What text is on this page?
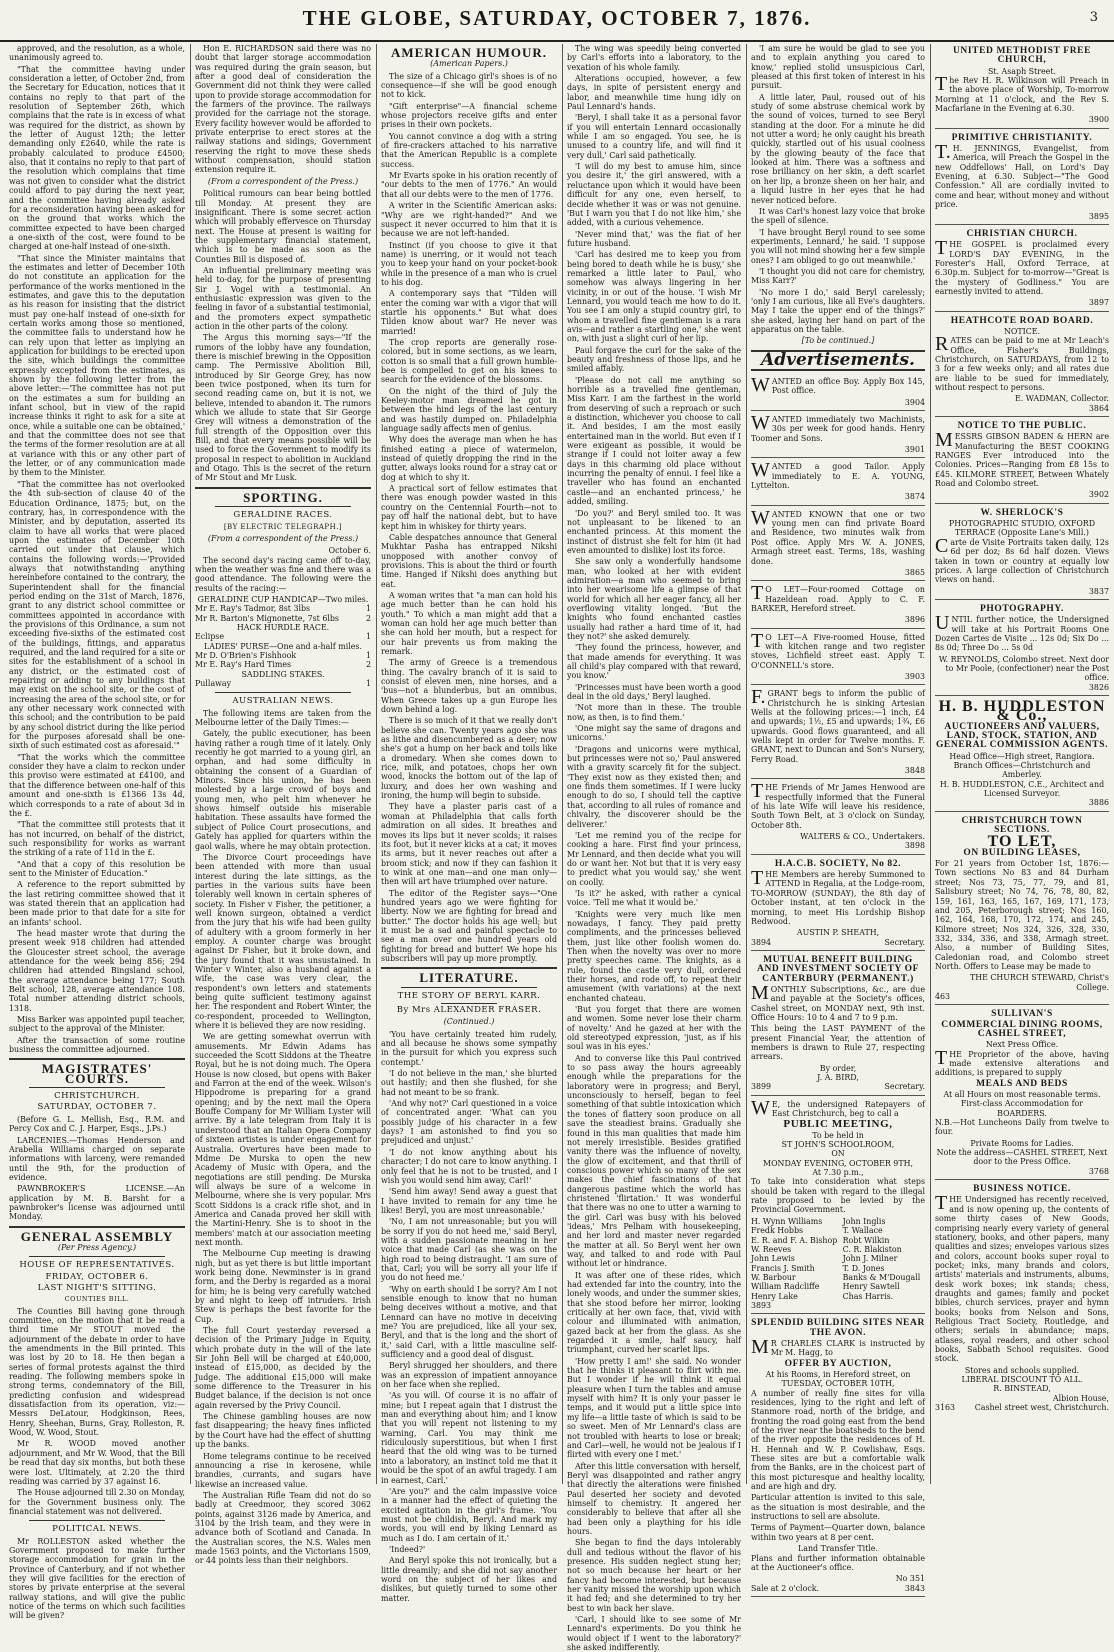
THE GLOBE, SATURDAY, OCTOBER 7, 1876.	3

approved, and the resolution, as a whole, unanimously agreed to.

"That the committee having under consideration a letter, of October 2nd, from the Secretary for Education, notices that it contains no reply to that part of the resolution of September 26th, which complains that the rate is in excess of what was required for the district, as shown by the letter of August 12th; the letter demanding only £2640, while the rate is probably calculated to produce £4500; also, that it contains no reply to that part of the resolution which complains that time was not given to consider what the district could afford to pay during the next year, and the committee having already asked for a reconsideration having been asked for on the ground that works which the committee expected to have been charged a one-sixth of the cost, were found to be charged at one-half instead of one-sixth.

"That since the Minister maintains that the estimates and letter of December 10th do not constitute an application for the performance of the works mentioned in the estimates, and gave this to the deputation as his reason for insisting that the district must pay one-half instead of one-sixth for certain works among those so mentioned, the committee fails to understand how he can rely upon that letter as implying an application for buildings to be erected upon the site, which buildings the committee expressly excepted from the estimates, as shown by the following letter from the above letter:—'The committee has not put on the estimates a sum for building an infant school, but in view of the rapid increase thinks it right to ask for a site at once, while a suitable one can be obtained,' and that the committee does not see that the terms of the former resolution are at all at variance with this or any other part of the letter, or of any communication made by them to the Minister.

"That the committee has not overlooked the 4th sub-section of clause 40 of the Education Ordinance, 1875; but, on the contrary, has, in correspondence with the Minister, and by deputation, asserted its claim to have all works that were placed upon the estimates of December 10th carried out under that clause, which contains the following words:—'Provided always that notwithstanding anything hereinbefore contained to the contrary, the Superintendent shall for the financial period ending on the 31st of March, 1876, grant to any district school committee or committees appointed in accordance with the provisions of this Ordinance, a sum not exceeding five-sixths of the estimated cost of the buildings, fittings, and apparatus required, and the land required for a site or sites for the establishment of a school in any district, or the estimated cost of repairing or adding to any buildings that may exist on the school site, or the cost of increasing the area of the school site, or for any other necessary work connected with this school; and the contribution to be paid by any school district during the like period for the purposes aforesaid shall be one-sixth of such estimated cost as aforesaid.'"

"That the works which the committee consider they have a claim to reckon under this proviso were estimated at £4100, and that the difference between one-half of this amount and one-sixth is £1366 13s 4d, which corresponds to a rate of about 3d in the £.

"That the committee still protests that it has not incurred, on behalf of the district, such responsibility for works as warrant the striking of a rate of 11d in the £.

"And that a copy of this resolution be sent to the Minister of Education."

A reference to the report submitted by the last retiring committee showed that it was stated therein that an application had been made prior to that date for a site for an infants' school.

The head master wrote that during the present week 918 children had attended the Gloucester street school, the average attendance for the week being 856; 294 children had attended Bingsland school, the average attendance being 177; South Belt school, 128, average attendance 108. Total number attending district schools, 1318.

Miss Barker was appointed pupil teacher, subject to the approval of the Minister.

After the transaction of some routine business the committee adjourned.

MAGISTRATES' COURTS.
CHRISTCHURCH.
SATURDAY, OCTOBER 7.

(Before G. L. Mellish, Esq., R.M. and Percy Cox and C. J. Harper, Esqs., J.Ps.)

LARCENIES.—Thomas Henderson and Arabella Williams charged on separate informations with larceny, were remanded until the 9th, for the production of evidence.

PAWNBROKER'S LICENSE.—An application by M. B. Barsht for a pawnbroker's license was adjourned until Monday.

GENERAL ASSEMBLY
(Per Press Agency.)
HOUSE OF REPRESENTATIVES.
FRIDAY, OCTOBER 6.
LAST NIGHT'S SITTING.
COUNTIES BILL.

The Counties Bill having gone through committee, on the motion that it be read a third time Mr STOUT moved the adjournment of the debate in order to have the amendments in the Bill printed. This was lost by 20 to 18. He then began a series of formal protests against the third reading. The following members spoke in strong terms, condemnatory of the Bill, predicting confusion and widespread dissatisfaction from its operation, viz:—Messrs DeLatour, Hodgkinson, Rees, Henry, Sheehan, Burns, Gray, Rolleston, R. Wood, W. Wood, Stout.

Mr R. WOOD moved another adjournment, and Mr W. Wood, that the Bill be read that day six months, but both these were lost. Ultimately, at 2.20 the third reading was carried by 37 against 16.

The House adjourned till 2.30 on Monday, for the Government business only. The financial statement was not delivered.

POLITICAL NEWS.

Mr ROLLESTON asked whether the Government proposed to make further storage accommodation for grain in the Province of Canterbury, and if not whether they will give facilities for the erection of stores by private enterprise at the several railway stations, and will give the public notice of the terms on which such facilities will be given?

Hon E. RICHARDSON said there was no doubt that larger storage accommodation was required during the grain season, but after a good deal of consideration the Government did not think they were called upon to provide storage accommodation for the farmers of the province. The railways provided for the carriage not the storage. Every facility however would be afforded to private enterprise to erect stores at the railway stations and sidings, Government reserving the right to move these sheds without compensation, should station extension require it.

(From a correspondent of the Press.)

Political rumours can bear being bottled till Monday. At present they are insignificant. There is some secret action which will probably effervesce on Thursday next. The House at present is waiting for the supplementary financial statement, which is to be made as soon as the Counties Bill is disposed of.

An influential preliminary meeting was held to-day, for the purpose of presenting Sir J. Vogel with a testimonial. An enthusiastic expression was given to the feeling in favor of a substantial testimonial, and the promoters expect sympathetic action in the other parts of the colony.

The Argus this morning says—"If the rumors of the lobby have any foundation, there is mischief brewing in the Opposition camp. The Permissive Abolition Bill, introduced by Sir George Grey, has now been twice postponed, when its turn for second reading came on, but it is not, we believe, intended to abandon it. The rumors which we allude to state that Sir George Grey will witness a demonstration of the full strength of the Opposition over this Bill, and that every means possible will be used to force the Government to modify its proposal in respect to abolition in Auckland and Otago. This is the secret of the return of Mr Stout and Mr Lusk.

SPORTING.
GERALDINE RACES.
[BY ELECTRIC TELEGRAPH.]
(From a correspondent of the Press.)
October 6.

The second day's racing came off to-day, when the weather was fine and there was a good attendance. The following were the results of the racing:—

GERALDINE CUP HANDICAP—Two miles.
Mr E. Ray's Tadmor, 8st 3lbs	1
Mr R. Barton's Mignonette, 7st 6lbs	2
HACK HURDLE RACE.
Eclipse	1
LADIES' PURSE—One and a-half miles.
Mr D. O'Brien's Fishhook	1
Mr E. Ray's Hard Times	2
SADDLING STAKES.
Pullaway	1
AUSTRALIAN NEWS.

The following items are taken from the Melbourne letter of the Daily Times:—

Gately, the public executioner, has been having rather a rough time of it lately. Only recently he got married to a young girl, an orphan, and had some difficulty in obtaining the consent of a Guardian of Minors. Since his union, he has been molested by a large crowd of boys and young men, who pelt him whenever he shows himself outside his miserable habitation. These assaults have formed the subject of Police Court prosecutions, and Gately has applied for quarters within the gaol walls, where he may obtain protection.

The Divorce Court proceedings have been attended with more than usual interest during the late sittings, as the parties in the various suits have been tolerably well known in certain spheres of society. In Fisher v Fisher, the petitioner, a well known surgeon, obtained a verdict from the jury that his wife had been guilty of adultery with a groom formerly in her employ. A counter charge was brought against Dr Fisher, but it broke down, and the jury found that it was unsustained. In Winter v Winter, also a husband against a wife, the case was very clear, the respondent's own letters and statements being quite sufficient testimony against her. The respondent and Robert Winter, the co-respondent, proceeded to Wellington, where it is believed they are now residing.

We are getting somewhat overrun with amusements. Mr Edwin Adams has succeeded the Scott Siddons at the Theatre Royal, but he is not doing much. The Opera House is now closed, but opens with Baker and Farron at the end of the week. Wilson's Hippodrome is preparing for a grand opening; and by the next mail the Opera Bouffe Company for Mr William Lyster will arrive. By a late telegram from Italy it is understood that an Italian Opera Company of sixteen artistes is under engagement for Australia. Overtures have been made to Mdme De Murska to open the new Academy of Music with Opera, and the negotiations are still pending. De Murska will always be sure of a welcome in Melbourne, where she is very popular. Mrs Scott Siddons is a crack rifle shot, and in America and Canada proved her skill with the Martini-Henry. She is to shoot in the members' match at our association meeting next month.

The Melbourne Cup meeting is drawing nigh, but as yet there is but little important work being done. Newminster is in grand form, and the Derby is regarded as a moral for him; he is being very carefully watched by and night to keep off intruders. Irish Stew is perhaps the best favorite for the Cup.

The full Court yesterday reversed a decision of the Primary Judge in Equity, which probate duty in the will of the late Sir John Bell will be charged at £40,000, instead of £15,000, as decided by the Judge. The additional £15,000 will make some difference to the Treasurer in his Budget balance, if the decision is not once again reversed by the Privy Council.

The Chinese gambling houses are now fast disappearing; the heavy fines inflicted by the Court have had the effect of shutting up the banks.

Home telegrams continue to be received announcing a rise in kerosene, while brandies, currants, and sugars have likewise an increased value.

The Australian Rifle Team did not do so badly at Creedmoor, they scored 3062 points, against 3126 made by America, and 3104 by the Irish team, and they were in advance both of Scotland and Canada. In the Australian scores, the N.S. Wales men made 1563 points, and the Victorians 1509, or 44 points less than their neighbors.

AMERICAN HUMOUR.
(American Papers.)

The size of a Chicago girl's shoes is of no consequence—if she will be good enough not to kick.

"Gift enterprise"—A financial scheme whose projectors receive gifts and enter prises in their own pockets.

You cannot convince a dog with a string of fire-crackers attached to his narrative that the American Republic is a complete success.

Mr Evarts spoke in his oration recently of "our debts to the men of 1776." An would that all our debts were to the men of 1776.

A writer in the Scientific American asks: "Why are we right-handed?" And we suspect it never occurred to him that it is because we are not left-handed.

Instinct (if you choose to give it that name) is unerring, or it would not teach you to keep your hand on your pocket-book while in the presence of a man who is cruel to his dog.

A contemporary says that "Tilden will enter the coming war with a vigor that will startle his opponents." But what does Tilden know about war? He never was married!

The crop reports are generally rose-colored, but in some sections, as we learn, cotton is so small that a full grown humble-bee is compelled to get on his knees to search for the evidence of the blossoms.

On the night of the third of July the Keeley-motor man dreamed he got in between the hind legs of the last century and was hastily dumped on. Philadelphia language sadly affects men of genius.

Why does the average man when he has finished eating a piece of watermelon, instead of quietly dropping the rind in the gutter, always looks round for a stray cat or dog at which to shy it.

A practical sort of fellow estimates that there was enough powder wasted in this country on the Centennial Fourth—not to pay off half the national debt, but to have kept him in whiskey for thirty years.

Cable despatches announce that General Mukhtar Pasha has entrapped Nikshi unopposed with another convoy of provisions. This is about the third or fourth time. Hanged if Nikshi does anything but eat.

A woman writes that "a man can hold his age much better than he can hold his youth." To which a man might add that a woman can hold her age much better than she can hold her mouth, but a respect for our hair prevents us from making the remark.

The army of Greece is a tremendous thing. The cavalry branch of it is said to consist of eleven men, nine horses, and a 'bus—not a blunderbus, but an omnibus. When Greece takes up a gun Europe lies down behind a log.

There is so much of it that we really don't believe she can. Twenty years ago she was as lithe and disencumbered as a deer; now she's got a hump on her back and toils like a dromedary. When she comes down to rice, milk, and potatoes, chops her own wood, knocks the bottom out of the lap of luxury, and does her own washing and ironing, the hump will begin to subside.

They have a plaster paris cast of a woman at Philadelphia that calls forth admiration on all sides. It breathes and moves its lips but it never scolds; it raises its foot, but it never kicks at a cat; it moves its arms, but it never reaches out after a broom stick; and now if they can fashion it to wink at one man—and one man only—then will art have triumphed over nature.

The editor of the Register says—"One hundred years ago we were fighting for liberty. Now we are fighting for bread and butter." The doctor holds his age well; but it must be a sad and painful spectacle to see a man over one hundred years old fighting for bread and butter! We hope his subscribers will pay up more promptly.

LITERATURE.
THE STORY OF BERYL KARR.
By Mrs ALEXANDER FRASER.
(Continued.)

'You have certainly treated him rudely, and all because he shows some sympathy in the pursuit for which you express such contempt.'

'I do not believe in the man,' she blurted out hastily; and then she flushed, for she had not meant to be so frank.

'And why not?' Carl questioned in a voice of concentrated anger. 'What can you possibly judge of his character in a few days? I am astonished to find you so prejudiced and unjust.'

'I do not know anything about his character; I do not care to know anything. I only feel that he is not to be trusted, and I wish you would send him away, Carl!'

'Send him away! Send away a guest that I have invited to remain for any time he likes! Beryl, you are most unreasonable.'

'No, I am not unreasonable; but you will be sorry if you do not heed me,' said Beryl, with a sudden passionate meaning in her voice that made Carl (as she was on the high road to being distraught. 'I am sure of that, Carl; you will be sorry all your life if you do not heed me.'

'Why on earth should I be sorry? Am I not sensible enough to know that no human being deceives without a motive, and that Lennard can have no motive in deceiving me? You are prejudiced, like all your sex, Beryl, and that is the long and the short of it,' said Carl, with a little masculine self-sufficiency and a good deal of disgust.

Beryl shrugged her shoulders, and there was an expression of impatient annoyance on her face when she replied.

'As you will. Of course it is no affair of mine; but I repeat again that I distrust the man and everything about him; and I know that you will repent not listening to my warning, Carl. You may think me ridiculously superstitious, but when I first heard that the old wing was to be turned into a laboratory, an instinct told me that it would be the spot of an awful tragedy. I am in earnest, Carl.'

'Are you?' and the calm impassive voice in a manner had the effect of quieting the excited agitation in the girl's frame. 'You must not be childish, Beryl. And mark my words, you will end by liking Lennard as much as I do. I am certain of it.'

'Indeed?'

And Beryl spoke this not ironically, but a little dreamily; and she did not say another word on the subject of her likes and dislikes, but quietly turned to some other matter.

The wing was speedily being converted by Carl's efforts into a laboratory, to the vexation of his whole family.

Alterations occupied, however, a few days, in spite of persistent energy and labor, and meanwhile time hung idly on Paul Lennard's hands.

'Beryl, I shall take it as a personal favor if you will entertain Lennard occasionally while I am so engaged. You see, he is unused to a country life, and will find it very dull,' Carl said pathetically.

'I will do my best to amuse him, since you desire it,' the girl answered, with a reluctance upon which it would have been difficult for any one, even herself, to decide whether it was or was not genuine. 'But I warn you that I do not like him,' she added, with a curious vehemence.

'Never mind that,' was the fiat of her future husband.

'Carl has desired me to keep you from being bored to death while he is busy,' she remarked a little later to Paul, who somehow was always lingering in her vicinity, in or out of the house. 'I wish Mr Lennard, you would teach me how to do it. You see I am only a stupid country girl, to whom a travelled fine gentleman is a rara avis—and rather a startling one,' she went on, with just a slight curl of her lip.

Paul forgave the curl for the sake of the beauty and freshness of those lips, and he smiled affably.

'Please do not call me anything so horrible as a travelled fine gentleman, Miss Karr. I am the farthest in the world from deserving of such a reproach or such a distinction, whichever you choose to call it. And besides, I am the most easily entertained man in the world. But even if I were exigeant as possible, it would be strange if I could not loiter away a few days in this charming old place without incurring the penalty of ennui. I feel like a traveller who has found an enchanted castle—and an enchanted princess,' he added, smiling.

'Do you?' and Beryl smiled too. It was not unpleasant to be likened to an enchanted princess. At this moment the instinct of distrust she felt for him (it had even amounted to dislike) lost its force.

She saw only a wonderfully handsome man, who looked at her with evident admiration—a man who seemed to bring into her wearisome life a glimpse of that world for which all her eager fancy, all her overflowing vitality longed. 'But the knights who found enchanted castles usually had rather a hard time of it, had they not?' she asked demurely.

'They found the princess, however, and that made amends for everything. It was all child's play compared with that reward, you know.'

'Princesses must have been worth a good deal in the old days,' Beryl laughed.

'Not more than in these. The trouble now, as then, is to find them.'

'One might say the same of dragons and unicorns.'

'Dragons and unicorns were mythical, but princesses were not so,' Paul answered with a gravity scarcely fit for the subject. 'They exist now as they existed then; and one finds them sometimes. If I were lucky enough to do so, I should tell the captive that, according to all rules of romance and chivalry, the discoverer should be the deliverer.'

'Let me remind you of the recipe for cooking a hare. First find your princess, Mr Lennard, and then decide what you will do or want her. Not but that it is very easy to predict what you would say,' she went on coolly.

'Is it?' he asked, with rather a cynical voice. 'Tell me what it would be.'

'Knights were very much like men nowadays, I fancy. They paid pretty compliments, and the princesses believed them, just like other foolish women do. Then when the novelty was over no more pretty speeches came. The knights, as a rule, found the castle very dull, ordered their horses, and rode off, to repeat their amusement (with variations) at the next enchanted chateau.

'But you forget that there are women and women. Some never lose their charm of novelty.' And he gazed at her with the old stereotyped expression, 'just, as if his soul was in his eyes.'

And to converse like this Paul contrived to so pass away the hours agreeably enough while the preparations for the laboratory were in progress; and Beryl, unconsciously to herself, began to feel something of that subtle intoxication which the tones of flattery soon produce on all save the steadiest brains. Gradually she found in this man qualities that made him not merely irresistible. Besides gratified vanity there was the influence of novelty, the glow of excitement, and that thrill of conscious power which so many of the sex makes the chief fascinations of that dangerous pastime which the world has christened 'flirtation.' It was wonderful that there was no one to utter a warning to the girl. Carl was busy with his beloved 'ideas,' Mrs Pelham with housekeeping, and her lord and master never regarded the matter at all. So Beryl went her own way, and talked to and rode with Paul without let or hindrance.

It was after one of these rides, which had extended far into the country, into the lonely woods, and under the summer skies, that she stood before her mirror, looking critically at her own face, that, vivid with colour and illuminated with animation, gazed back at her from the glass. As she regarded it a smile, half saucy, half triumphant, curved her scarlet lips.

'How pretty I am!' she said. No wonder that he thinks it pleasant to flirt with me. But I wonder if he will think it equal pleasure when I turn the tables and amuse myself with him? It is only your passer le temps, and it would put a little spice into my life—a little taste of which is said to be so sweet. Men of Mr Lennard's class are not troubled with hearts to lose or break; and Carl—well, he would not be jealous if I flirted with every one I met.'

After this little conversation with herself, Beryl was disappointed and rather angry that directly the alterations were finished Paul deserted her society and devoted himself to chemistry. It angered her considerably to believe that after all she had been only a plaything for his idle hours.

She began to find the days intolerably dull and tedious without the flavor of his presence. His sudden neglect stung her; not so much because her heart or her fancy had become interested, but because her vanity missed the worship upon which it had fed; and she determined to try her best to win back her slave.

'Carl, I should like to see some of Mr Lennard's experiments. Do you think he would object if I went to the laboratory?' she asked indifferently.

'I am sure he would be glad to see you and to explain anything you cared to know,' replied stolid unsuspicious Carl, pleased at this first token of interest in his pursuit.

A little later, Paul, roused out of his study of some abstruse chemical work by the sound of voices, turned to see Beryl standing at the door. For a minute he did not utter a word; he only caught his breath quickly, startled out of his usual coolness by the glowing beauty of the face that looked at him. There was a softness and rose brilliancy on her skin, a deft scarlet on her lip, a bronze sheen on her hair, and a liquid lustre in her eyes that he had never noticed before.

It was Carl's honest lazy voice that broke the spell of silence.

'I have brought Beryl round to see some experiments, Lennard,' he said. 'I suppose you will not mind showing her a few simple ones? I am obliged to go out meanwhile.'

'I thought you did not care for chemistry, Miss Karr?'

'No more I do,' said Beryl carelessly; 'only I am curious, like all Eve's daughters. May I take the upper end of the things?' she asked, laying her hand on part of the apparatus on the table.

[To be continued.]
Advertisements.

WANTED an office Boy. Apply Box 145, Post office.

3904

WANTED immediately two Machinists, 30s per week for good hands. Henry Toomer and Sons.

3901

WANTED a good Tailor. Apply immediately to E. A. YOUNG, Lyttelton.

3874

WANTED KNOWN that one or two young men can find private Board and Residence, two minutes walk from Post office. Apply Mrs W. A. JONES, Armagh street east. Terms, 18s, washing done.

3865

TO LET—Four-roomed Cottage on Hazeldean road. Apply to C. F. BARKER, Hereford street.

3896

TO LET—A Five-roomed House, fitted with kitchen range and two register stoves, Lichfield street east. Apply T. O'CONNELL's store.

3903

F.GRANT begs to inform the public of Christchurch he is sinking Artesian Wells at the following prices:—1 inch, £4 and upwards; 1½, £5 and upwards; 1¾, £6 upwards. Good flows guaranteed, and all wells kept in order for Twelve months. F. GRANT, next to Duncan and Son's Nursery, Ferry Road.

3848

THE Friends of Mr James Henwood are respectfully informed that the Funeral of his late Wife will leave his residence, South Town Belt, at 3 o'clock on Sunday, October 8th.

WALTERS & CO., Undertakers.
3898
H.A.C.B. SOCIETY, No 82.

THE Members are hereby Summoned to ATTEND in Regalia, at the Lodge-room, TO-MORROW (SUNDAY), the 8th day of October instant, at ten o'clock in the morning, to meet His Lordship Bishop Redwood.

AUSTIN P. SHEATH,
3894	Secretary.
MUTUAL BENEFIT BUILDING AND INVESTMENT SOCIETY OF CANTERBURY (PERMANENT.)

MONTHLY Subscriptions, &c., are due and payable at the Society's offices, Cashel street, on MONDAY next, 9th inst. Office Hours: 10 to 4 and 7 to 9 p.m.

This being the LAST PAYMENT of the present Financial Year, the attention of members is drawn to Rule 27, respecting arrears.

By order,
J. A. BIRD,
3899	Secretary.

WE, the undersigned Ratepayers of East Christchurch, beg to call a

PUBLIC MEETING,
To be held in
ST JOHN'S SCHOOLROOM,
ON
MONDAY EVENING, OCTOBER 9TH,
At 7.30 p.m.,

To take into consideration what steps should be taken with regard to the illegal rate proposed to be levied by the Provincial Government.

H. Wynn Williams	John Inglis
Fredk Hobbs	T. Wallace
E. R. and F. A. Bishop	Robt Wilkin
W. Reeves	C. R. Blakiston
John Lewis	John J. Milner
Francis J. Smith	T. D. Jones
W. Barbour	Banks & M'Dougall
William Radcliffe	Henry Sawtell
Henry Lake	Chas Harris.
3893
SPLENDID BUILDING SITES NEAR THE AVON.

MR CHARLES CLARK is instructed by Mr M. Hagg, to

OFFER BY AUCTION,
At his Rooms, in Hereford street, on
TUESDAY, OCTOBER 10TH,

A number of really fine sites for villa residences, lying to the right and left of Stanmore road, north of the bridge, and fronting the road going east from the bend of the river near the boatsheds to the bend of the river opposite the residences of H. H. Hennah and W. P. Cowlishaw, Esqs. These sites are but a comfortable walk from the Banks, are in the choicest part of this most picturesque and healthy locality, and are high and dry.

Particular attention is invited to this sale, as the situation is most desirable, and the instructions to sell are absolute.

Terms of Payment—Quarter down, balance within two years at 8 per cent.

Land Transfer Title.

Plans and further information obtainable at the Auctioneer's office.

No 351
Sale at 2 o'clock.	3843
UNITED METHODIST FREE CHURCH,
St. Asaph Street.

The Rev H. R. Wilkinson will Preach in the above place of Worship, To-morrow Morning at 11 o'clock, and the Rev S. Macfarlane in the Evening at 6.30.

3900
PRIMITIVE CHRISTIANITY.

T.H. JENNINGS, Evangelist, from America, will Preach the Gospel in the new Oddfellows' Hall, on Lord's Day Evening, at 6.30. Subject—"The Good Confession." All are cordially invited to come and hear, without money and without price.

3895
CHRISTIAN CHURCH.

THE GOSPEL is proclaimed every LORD'S DAY EVENING, in the Forester's Hall, Oxford Terrace, at 6.30p.m. Subject for to-morrow—"Great is the mystery of Godliness." You are earnestly invited to attend.

3897
HEATHCOTE ROAD BOARD.
NOTICE.

RATES can be paid to me at Mr Leach's Office, Fisher's Buildings, Christchurch, on SATURDAYS, from 12 to 3 for a few weeks only; and all rates due are liable to be sued for immediately, without respect to persons.

E. WADMAN, Collector.
3864
NOTICE TO THE PUBLIC.

MESSRS GIBSON BADEN & HERN are Manufacturing the BEST COOKING RANGES Ever introduced into the Colonies. Prices—Ranging from £8 15s to £45. KILMORE STREET, Between Whately Road and Colombo street.

3902
W. SHERLOCK'S
PHOTOGRAPHIC STUDIO, OXFORD TERRACE (Opposite Lane's Mill.)

Carte de Visite Portraits taken daily, 12s 6d per doz; 8s 6d half dozen. Views taken in town or country at equally low prices. A large collection of Christchurch views on hand.

3837
PHOTOGRAPHY.

UNTIL further notice, the Undersigned will take at his Portrait Rooms One Dozen Cartes de Visite ... 12s 0d; Six Do ... 8s 0d; Three Do ... 5s 0d

W. REYNOLDS, Colombo street. Next door to Mr Poole, (confectioner) near the Post office.
3826
H. B. HUDDLESTON & Co.,
AUCTIONEERS AND VALUERS, LAND, STOCK, STATION, AND GENERAL COMMISSION AGENTS.
Head Office—High street, Rangiora.
Branch Offices—Christchurch and Amberley.
H. B. HUDDLESTON, C.E., Architect and Licensed Surveyor.
3886
CHRISTCHURCH TOWN SECTIONS.
TO LET,
ON BUILDING LEASES,

For 21 years from October 1st, 1876:—Town sections No 83 and 84 Durham street; Nos 73, 75, 77, 79, and 81, Salisbury street; No 74, 76, 78, 80, 82, 159, 161, 163, 165, 167, 169, 171, 173, and 205, Peterborough street; Nos 160, 162, 164, 168, 170, 172, 174, and 245, Kilmore street; Nos 324, 326, 328, 330, 332, 334, 336, and 338, Armagh street. Also, a number of Building Sites, Caledonian road, and Colombo street North. Offers to Lease may be made to

THE CHURCH STEWARD, Christ's College.
463
SULLIVAN'S
COMMERCIAL DINING ROOMS, CASHEL STREET,
Next Press Office.

THE Proprietor of the above, having made extensive alterations and additions, is prepared to supply

MEALS AND BEDS
At all Hours on most reasonable terms.
First-class Accommodation for BOARDERS.

N.B.—Hot Luncheons Daily from twelve to four.

Private Rooms for Ladies.
Note the address—CASHEL STREET, Next door to the Press Office.
3768
BUSINESS NOTICE.

THE Undersigned has recently received, and is now opening up, the contents of some thirty cases of New Goods, comprising nearly every variety of general stationery, books, and other papers, many qualities and sizes; envelopes various sizes and colors, account books super royal to pocket; inks, many brands and colors, artists' materials and instruments, albums, desk work boxes; ink stands; chess, draughts and games; family and pocket bibles, church services, prayer and hymn books; books from Nelson and Sons, Religious Tract Society, Routledge, and others; serials in abundance; maps, atlases, royal readers, and other school books, Sabbath School requisites. Good stock.

Stores and schools supplied.
LIBERAL DISCOUNT TO ALL.
R. BINSTEAD,
Albion House,
3163 Cashel street west, Christchurch.
